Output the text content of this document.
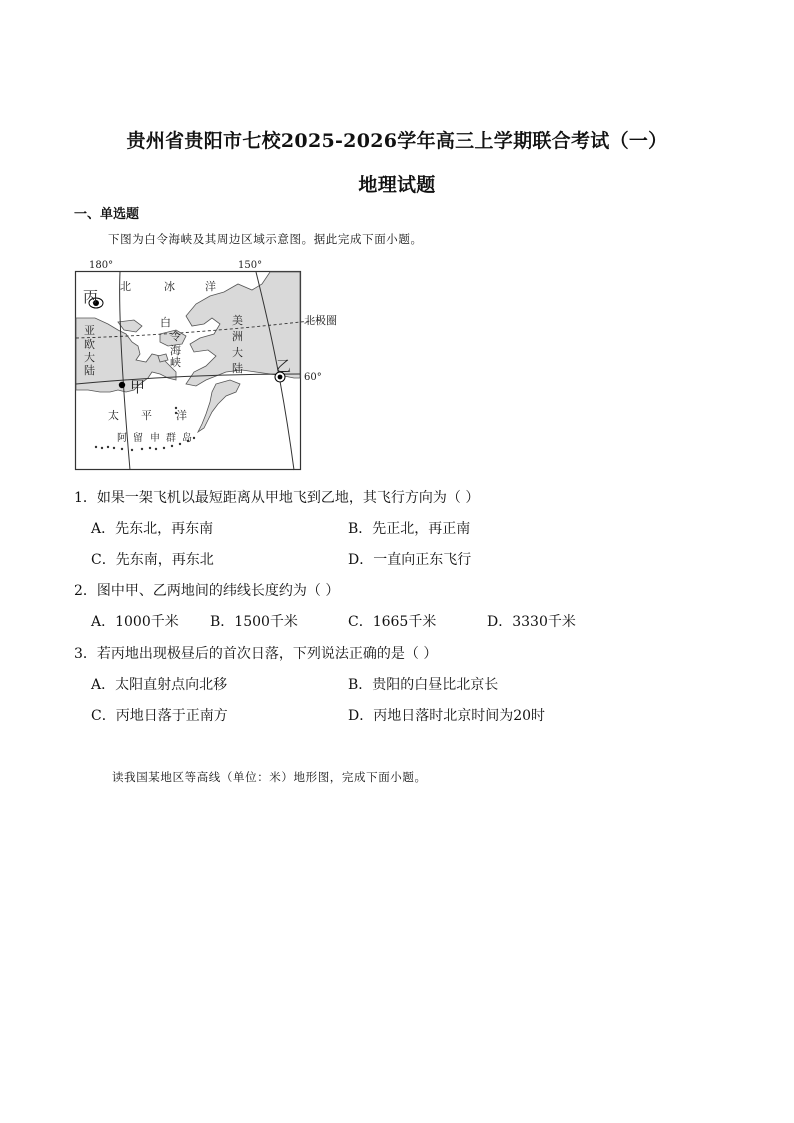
贵州省贵阳市七校2025-2026学年高三上学期联合考试（一）
地理试题
一、单选题
下图为白令海峡及其周边区域示意图。据此完成下面小题。
180°	150°
北	冰	洋
丙
白
令
海
峡
美
洲
大
陆
亚
欧
大
陆
北极圈
60°
乙
甲
太 平 洋
阿 留 申 群 岛
1．如果一架飞机以最短距离从甲地飞到乙地，其飞行方向为（ ）
A．先东北，再东南	B．先正北，再正南
C．先东南，再东北	D．一直向正东飞行
2．图中甲、乙两地间的纬线长度约为（ ）
A．1000千米 B．1500千米	C．1665千米	D．3330千米
3．若丙地出现极昼后的首次日落，下列说法正确的是（ ）
A．太阳直射点向北移	B．贵阳的白昼比北京长
C．丙地日落于正南方	D．丙地日落时北京时间为20时
读我国某地区等高线（单位：米）地形图，完成下面小题。
